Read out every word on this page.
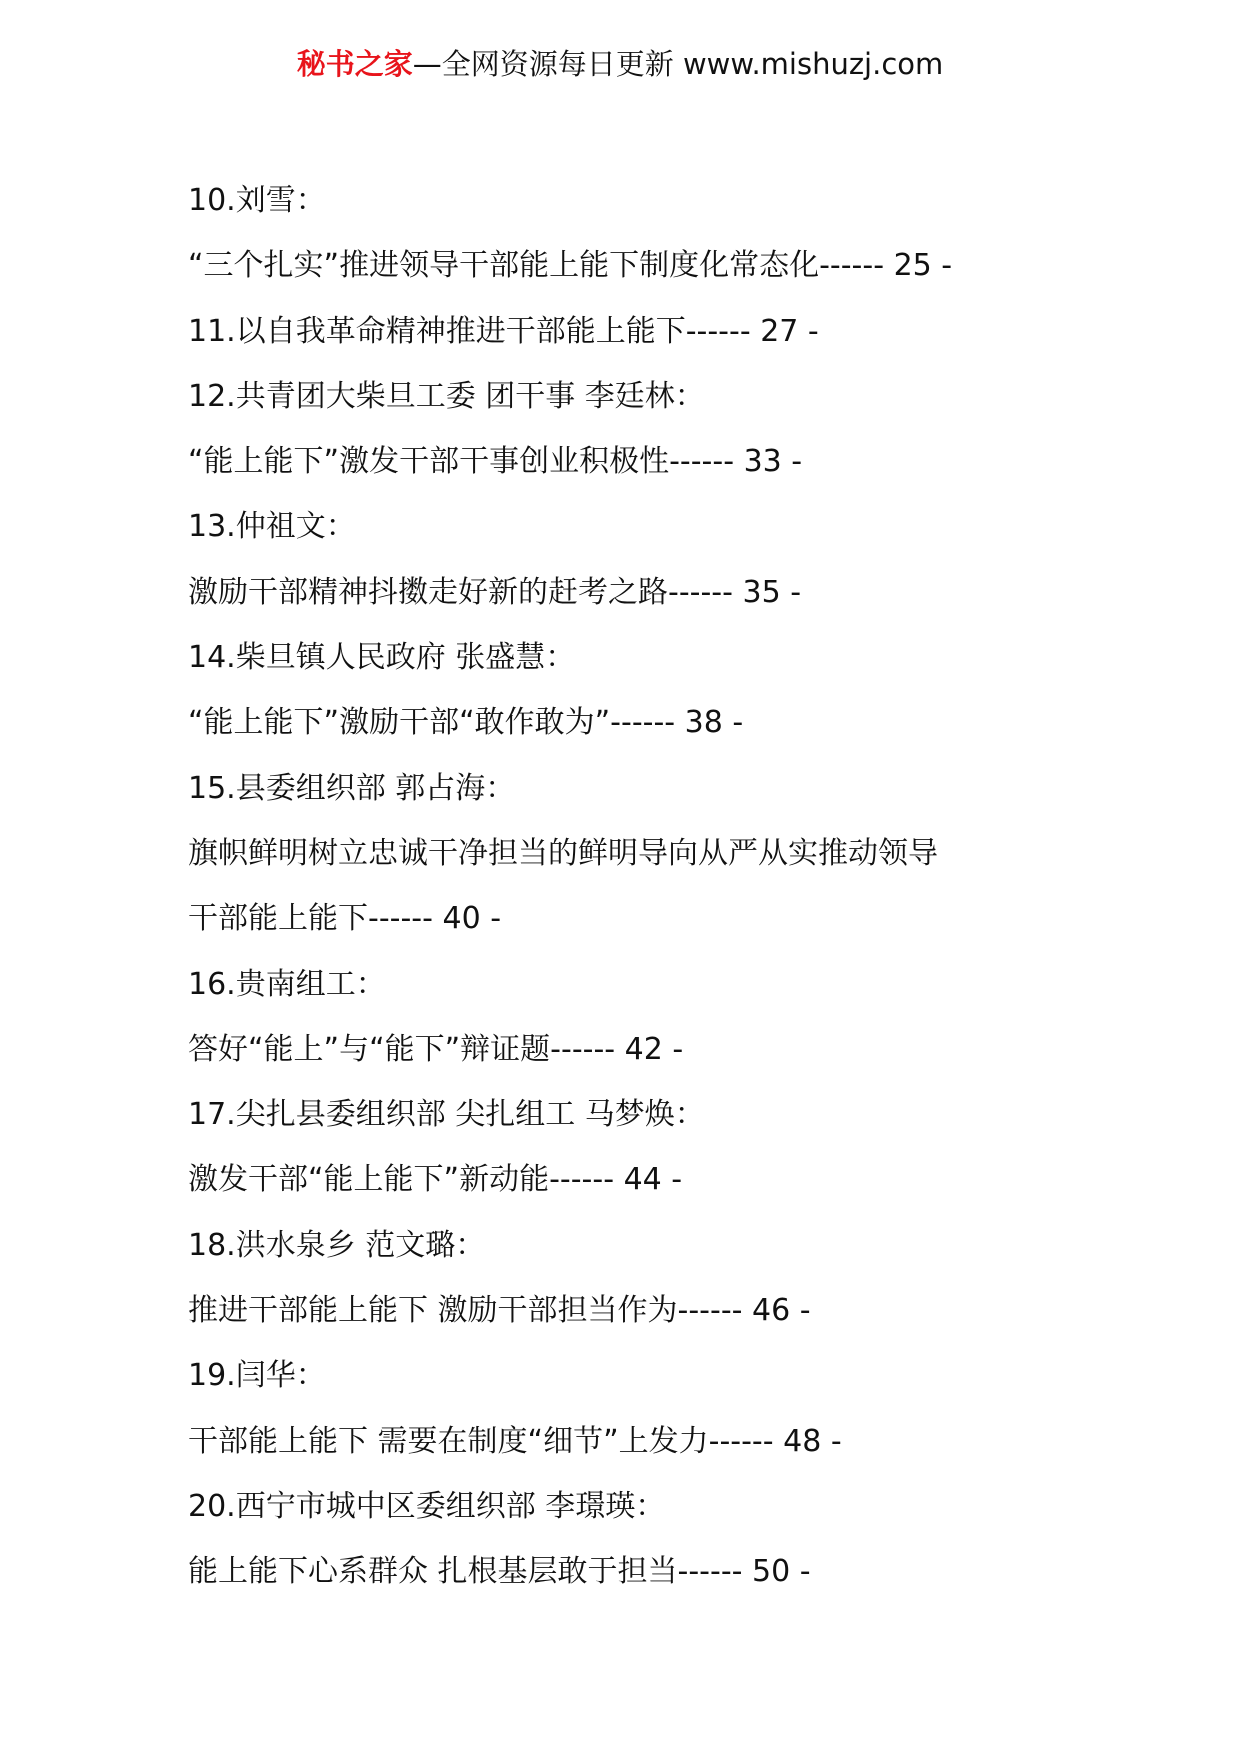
秘书之家—全网资源每日更新 www.mishuzj.com
10.刘雪：
“三个扎实”推进领导干部能上能下制度化常态化------ 25 -
11.以自我革命精神推进干部能上能下------ 27 -
12.共青团大柴旦工委 团干事 李廷林：
“能上能下”激发干部干事创业积极性------ 33 -
13.仲祖文：
激励干部精神抖擞走好新的赶考之路------ 35 -
14.柴旦镇人民政府 张盛慧：
“能上能下”激励干部“敢作敢为”------ 38 -
15.县委组织部 郭占海：
旗帜鲜明树立忠诚干净担当的鲜明导向从严从实推动领导
干部能上能下------ 40 -
16.贵南组工：
答好“能上”与“能下”辩证题------ 42 -
17.尖扎县委组织部 尖扎组工 马梦焕：
激发干部“能上能下”新动能------ 44 -
18.洪水泉乡 范文璐：
推进干部能上能下 激励干部担当作为------ 46 -
19.闫华：
干部能上能下 需要在制度“细节”上发力------ 48 -
20.西宁市城中区委组织部 李璟瑛：
能上能下心系群众 扎根基层敢于担当------ 50 -
